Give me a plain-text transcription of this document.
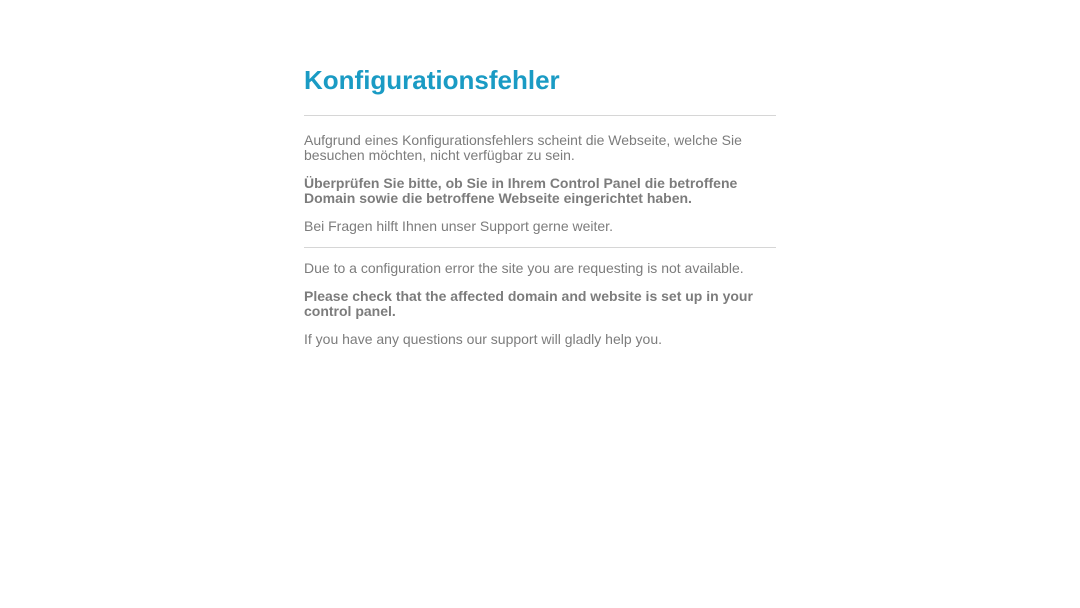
Konfigurationsfehler

Aufgrund eines Konfigurationsfehlers scheint die Webseite, welche Sie besuchen möchten, nicht verfügbar zu sein.

Überprüfen Sie bitte, ob Sie in Ihrem Control Panel die betroffene Domain sowie die betroffene Webseite eingerichtet haben.

Bei Fragen hilft Ihnen unser Support gerne weiter.

Due to a configuration error the site you are requesting is not available.

Please check that the affected domain and website is set up in your control panel.

If you have any questions our support will gladly help you.
